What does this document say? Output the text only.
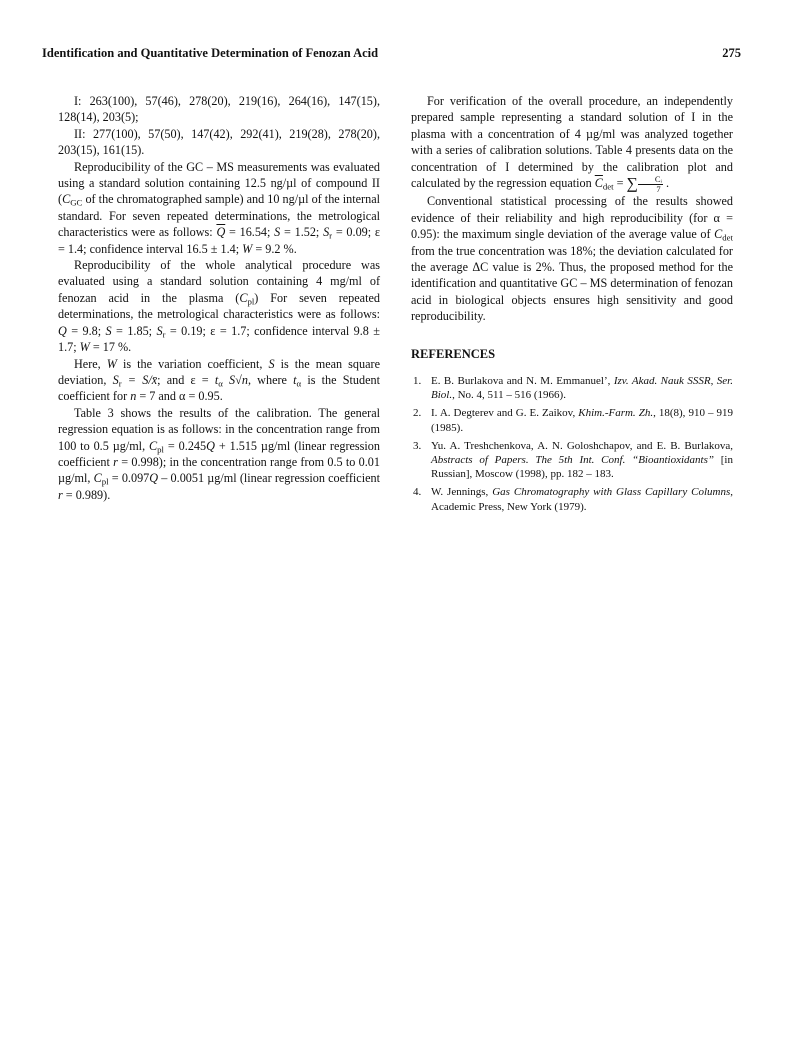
Identification and Quantitative Determination of Fenozan Acid	275

I: 263(100), 57(46), 278(20), 219(16), 264(16), 147(15), 128(14), 203(5);

II: 277(100), 57(50), 147(42), 292(41), 219(28), 278(20), 203(15), 161(15).

Reproducibility of the GC – MS measurements was evaluated using a standard solution containing 12.5 ng/µl of compound II ($C_{GC}$ of the chromatographed sample) and 10 ng/µl of the internal standard. For seven repeated determinations, the metrological characteristics were as follows: $\overline{Q} = 16.54$; S = 1.52; $S_r = 0.09$; ε = 1.4; confidence interval 16.5 ± 1.4; W = 9.2 %.

Reproducibility of the whole analytical procedure was evaluated using a standard solution containing 4 mg/ml of fenozan acid in the plasma $(C_{pl})$ For seven repeated determinations, the metrological characteristics were as follows: Q = 9.8; S = 1.85; $S_r = 0.19$; ε = 1.7; confidence interval 9.8 ± 1.7; W = 17 %.

Here, W is the variation coefficient, S is the mean square deviation, $S_r$ = S/x̄; and $\varepsilon = t_\alpha$ S√n, where $t_\alpha$ is the Student coefficient for n = 7 and α = 0.95.

Table 3 shows the results of the calibration. The general regression equation is as follows: in the concentration range from 100 to 0.5 µg/ml, $C_{pl} = 0.245Q + 1.515$ µg/ml (linear regression coefficient r = 0.998); in the concentration range from 0.5 to 0.01 µg/ml, $C_{pl} = 0.097Q - 0.0051$ µg/ml (linear regression coefficient r = 0.989).

For verification of the overall procedure, an independently prepared sample representing a standard solution of I in the plasma with a concentration of 4 µg/ml was analyzed together with a series of calibration solutions. Table 4 presents data on the concentration of I determined by the calibration plot and calculated by the regression equation $\overline{C}_{det}$ = ∑ $\frac{\text{Cᵢ}}{7}$ .

Conventional statistical processing of the results showed evidence of their reliability and high reproducibility (for α = 0.95): the maximum single deviation of the average value of $C_{det}$ from the true concentration was 18%; the deviation calculated for the average ΔC value is 2%. Thus, the proposed method for the identification and quantitative GC – MS determination of fenozan acid in biological objects ensures high sensitivity and good reproducibility.

REFERENCES

1. E. B. Burlakova and N. M. Emmanuel’, Izv. Akad. Nauk SSSR, Ser. Biol., No. 4, 511 – 516 (1966).
2. I. A. Degterev and G. E. Zaikov, Khim.-Farm. Zh., 18(8), 910 – 919 (1985).
3. Yu. A. Treshchenkova, A. N. Goloshchapov, and E. B. Burlakova, Abstracts of Papers. The 5th Int. Conf. “Bioantioxidants” [in Russian], Moscow (1998), pp. 182 – 183.
4. W. Jennings, Gas Chromatography with Glass Capillary Columns, Academic Press, New York (1979).
